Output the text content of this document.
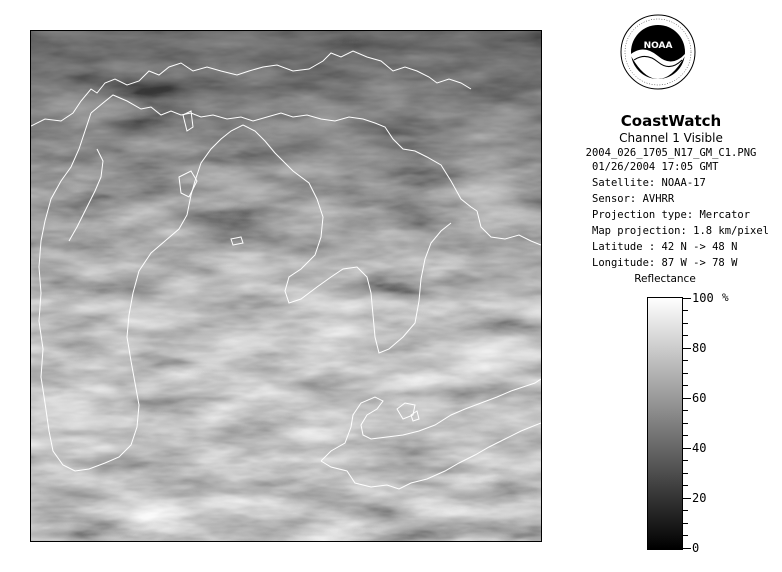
NOAA
CoastWatch
Channel 1 Visible
2004_026_1705_N17_GM_C1.PNG
01/26/2004 17:05 GMT
Satellite: NOAA-17
Sensor: AVHRR
Projection type: Mercator
Map projection: 1.8 km/pixel
Latitude : 42 N -> 48 N
Longitude: 87 W -> 78 W
Reflectance
%
100
80
60
40
20
0
